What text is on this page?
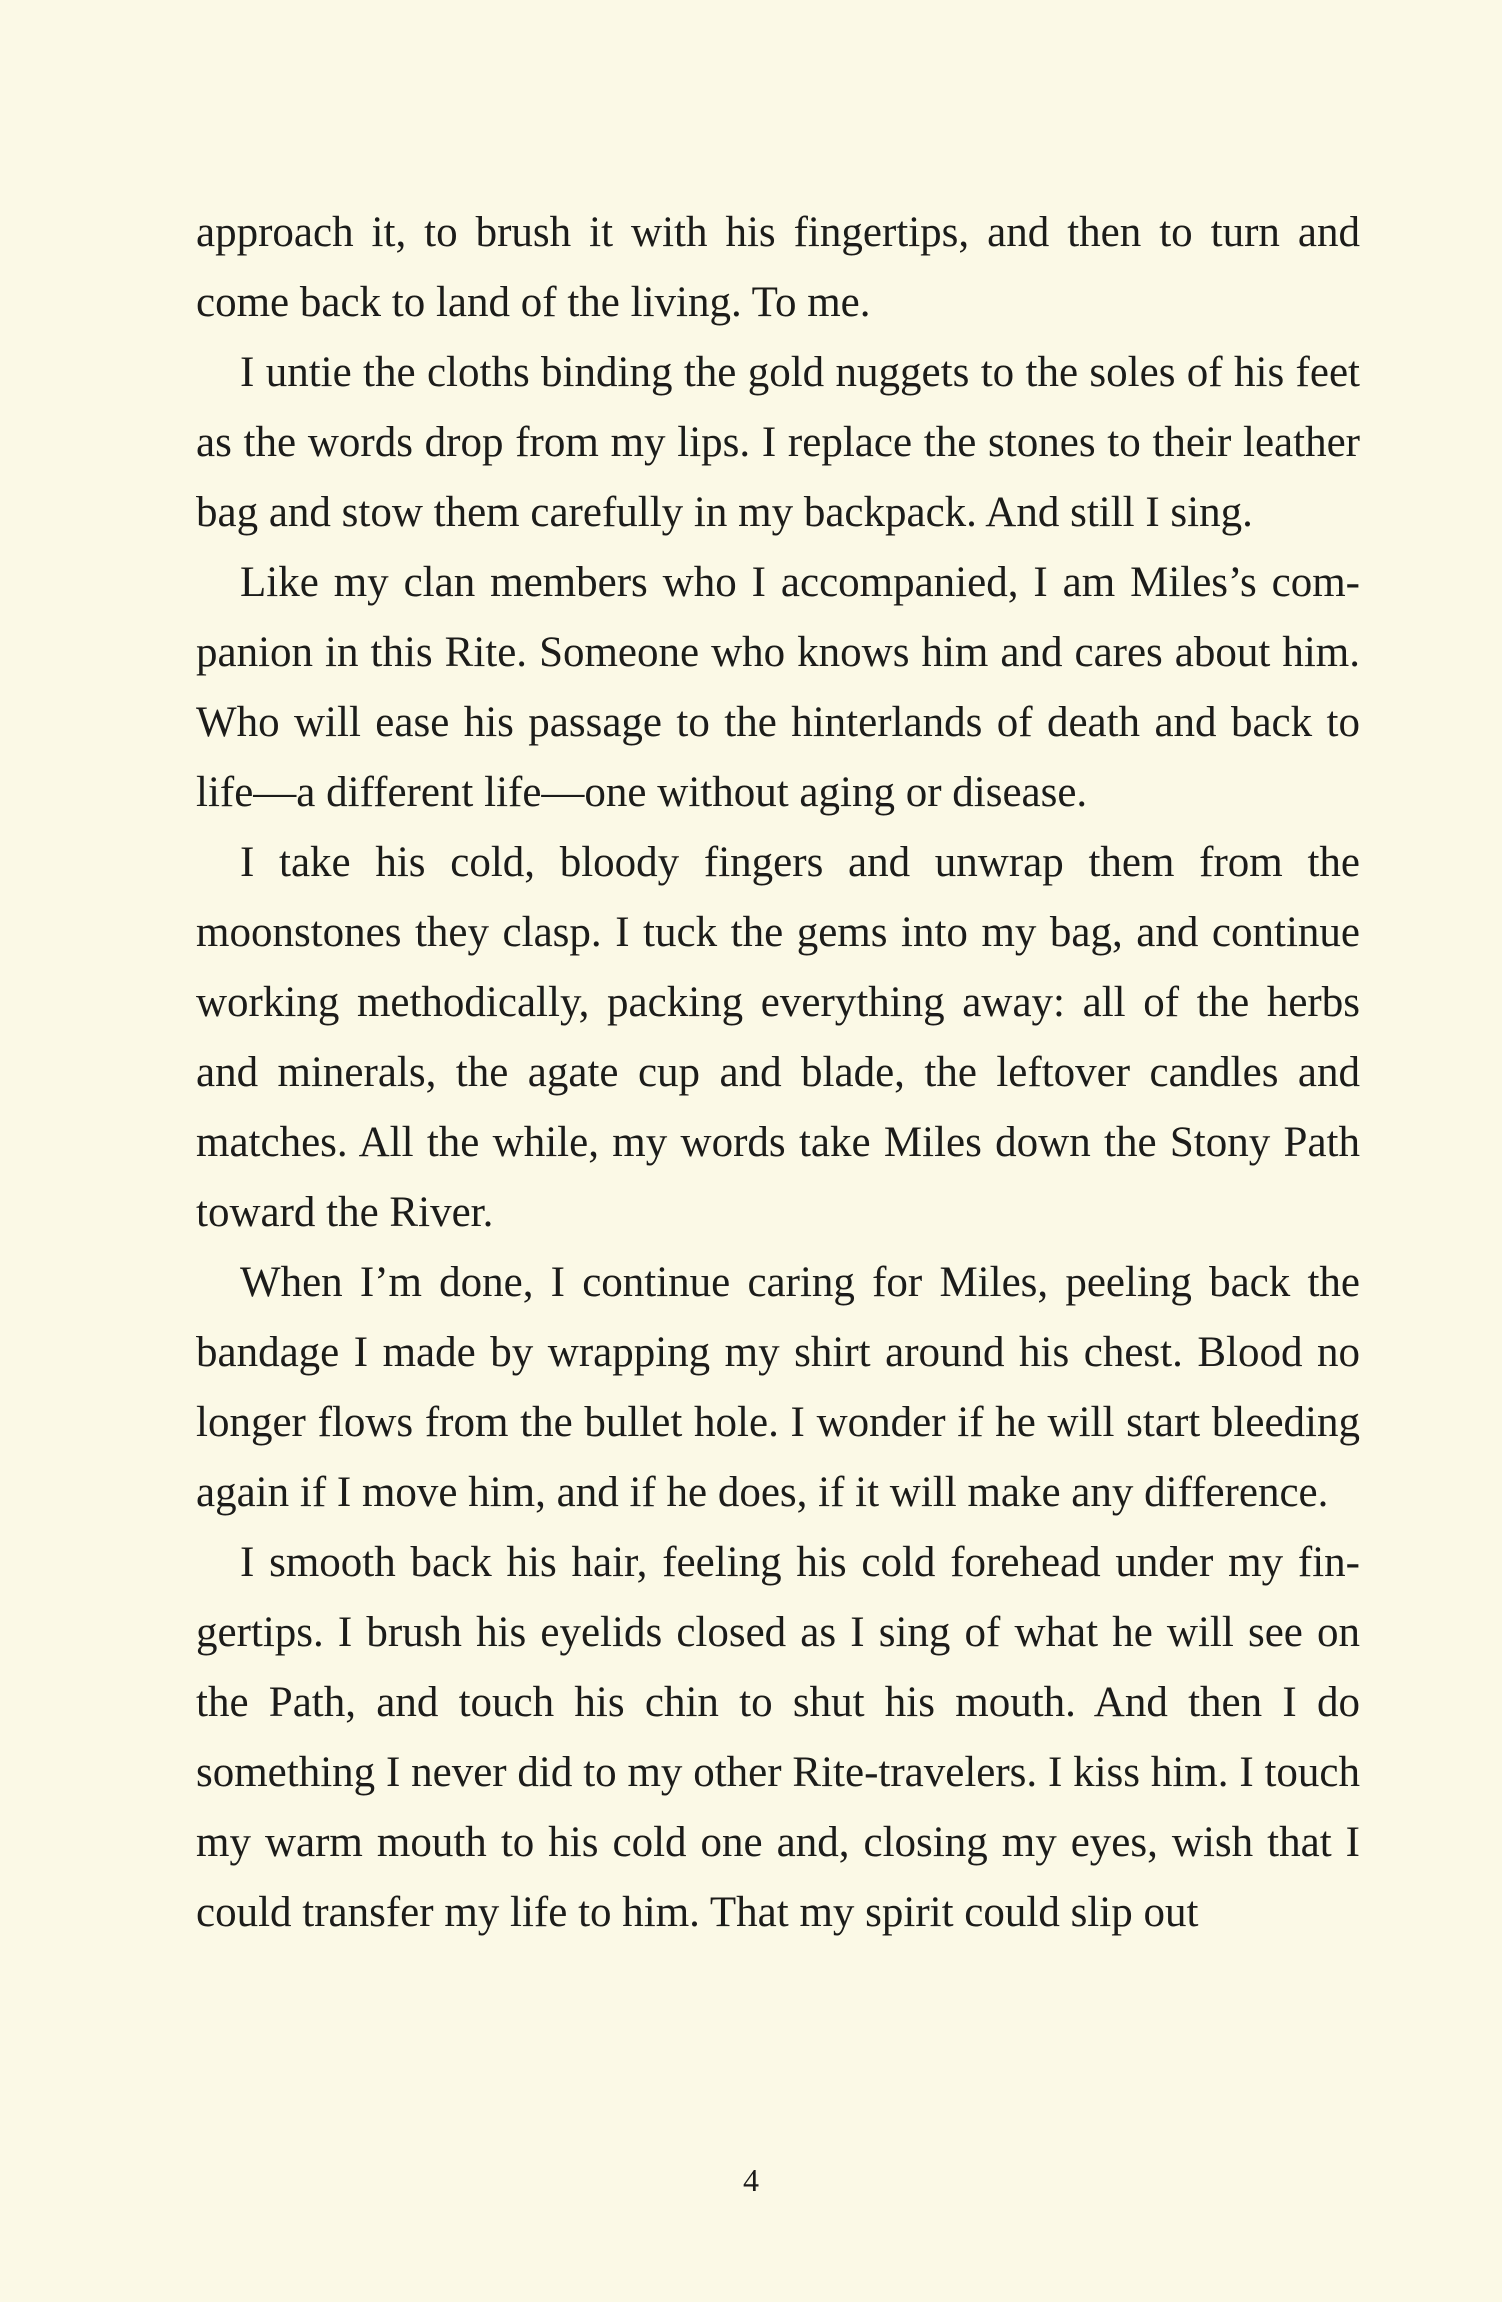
approach it, to brush it with his fingertips, and then to turn and come back to land of the living. To me.

I untie the cloths binding the gold nuggets to the soles of his feet as the words drop from my lips. I replace the stones to their leather bag and stow them carefully in my backpack. And still I sing.

Like my clan members who I accompanied, I am Miles’s companion in this Rite. Someone who knows him and cares about him. Who will ease his passage to the hinterlands of death and back to life—a different life—one without aging or disease.

I take his cold, bloody fingers and unwrap them from the moonstones they clasp. I tuck the gems into my bag, and continue working methodically, packing everything away: all of the herbs and minerals, the agate cup and blade, the leftover candles and matches. All the while, my words take Miles down the Stony Path toward the River.

When I’m done, I continue caring for Miles, peeling back the bandage I made by wrapping my shirt around his chest. Blood no longer flows from the bullet hole. I wonder if he will start bleeding again if I move him, and if he does, if it will make any difference.

I smooth back his hair, feeling his cold forehead under my fingertips. I brush his eyelids closed as I sing of what he will see on the Path, and touch his chin to shut his mouth. And then I do something I never did to my other Rite-travelers. I kiss him. I touch my warm mouth to his cold one and, closing my eyes, wish that I could transfer my life to him. That my spirit could slip out

4
